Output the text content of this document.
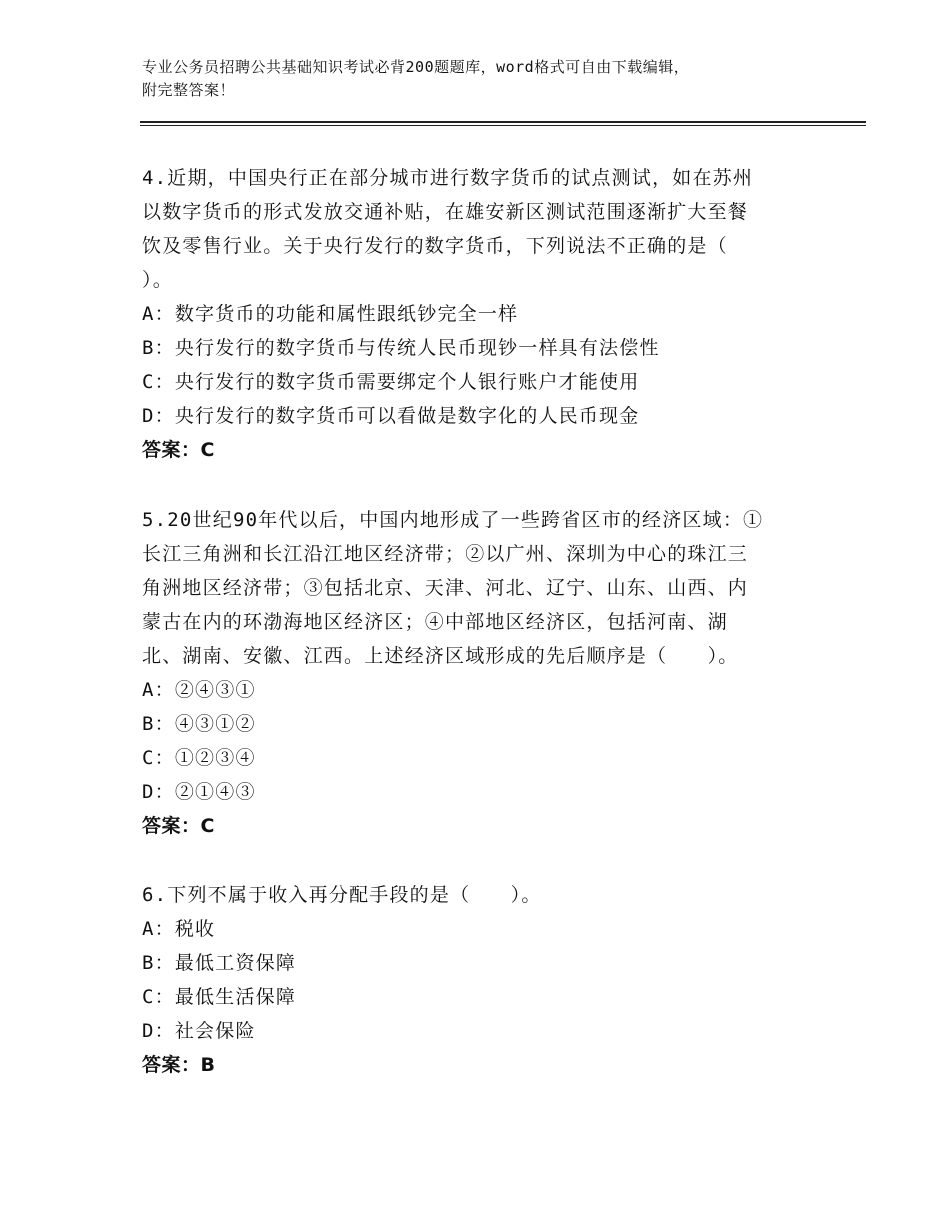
专业公务员招聘公共基础知识考试必背200题题库，word格式可自由下载编辑，
附完整答案！
4.近期，中国央行正在部分城市进行数字货币的试点测试，如在苏州
以数字货币的形式发放交通补贴，在雄安新区测试范围逐渐扩大至餐
饮及零售行业。关于央行发行的数字货币，下列说法不正确的是（
）。
A：数字货币的功能和属性跟纸钞完全一样
B：央行发行的数字货币与传统人民币现钞一样具有法偿性
C：央行发行的数字货币需要绑定个人银行账户才能使用
D：央行发行的数字货币可以看做是数字化的人民币现金
答案：C
5.20世纪90年代以后，中国内地形成了一些跨省区市的经济区域：①
长江三角洲和长江沿江地区经济带；②以广州、深圳为中心的珠江三
角洲地区经济带；③包括北京、天津、河北、辽宁、山东、山西、内
蒙古在内的环渤海地区经济区；④中部地区经济区，包括河南、湖
北、湖南、安徽、江西。上述经济区域形成的先后顺序是（　　）。
A：②④③①
B：④③①②
C：①②③④
D：②①④③
答案：C
6.下列不属于收入再分配手段的是（　　）。
A：税收
B：最低工资保障
C：最低生活保障
D：社会保险
答案：B
